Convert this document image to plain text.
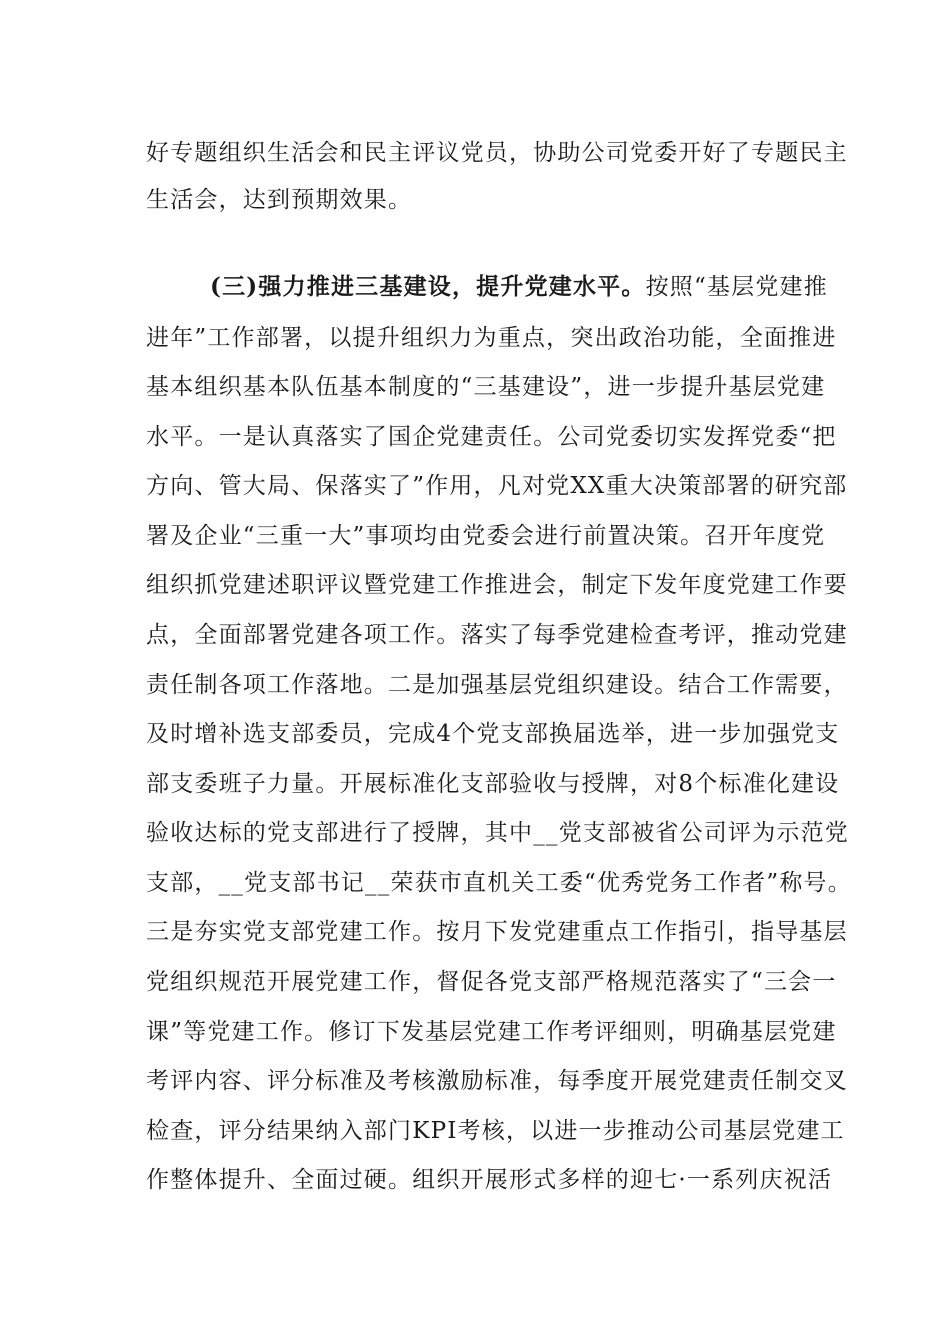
好专题组织生活会和民主评议党员，协助公司党委开好了专题民主
生活会，达到预期效果。
(三)强力推进三基建设，提升党建水平。按照“基层党建推
进年”工作部署，以提升组织力为重点，突出政治功能，全面推进
基本组织基本队伍基本制度的“三基建设”，进一步提升基层党建
水平。一是认真落实了国企党建责任。公司党委切实发挥党委“把
方向、管大局、保落实了”作用，凡对党XX重大决策部署的研究部
署及企业“三重一大”事项均由党委会进行前置决策。召开年度党
组织抓党建述职评议暨党建工作推进会，制定下发年度党建工作要
点，全面部署党建各项工作。落实了每季党建检查考评，推动党建
责任制各项工作落地。二是加强基层党组织建设。结合工作需要，
及时增补选支部委员，完成4个党支部换届选举，进一步加强党支
部支委班子力量。开展标准化支部验收与授牌，对8个标准化建设
验收达标的党支部进行了授牌，其中__党支部被省公司评为示范党
支部，__党支部书记__荣获市直机关工委“优秀党务工作者”称号。
三是夯实党支部党建工作。按月下发党建重点工作指引，指导基层
党组织规范开展党建工作，督促各党支部严格规范落实了“三会一
课”等党建工作。修订下发基层党建工作考评细则，明确基层党建
考评内容、评分标准及考核激励标准，每季度开展党建责任制交叉
检查，评分结果纳入部门KPI考核，以进一步推动公司基层党建工
作整体提升、全面过硬。组织开展形式多样的迎七·一系列庆祝活
